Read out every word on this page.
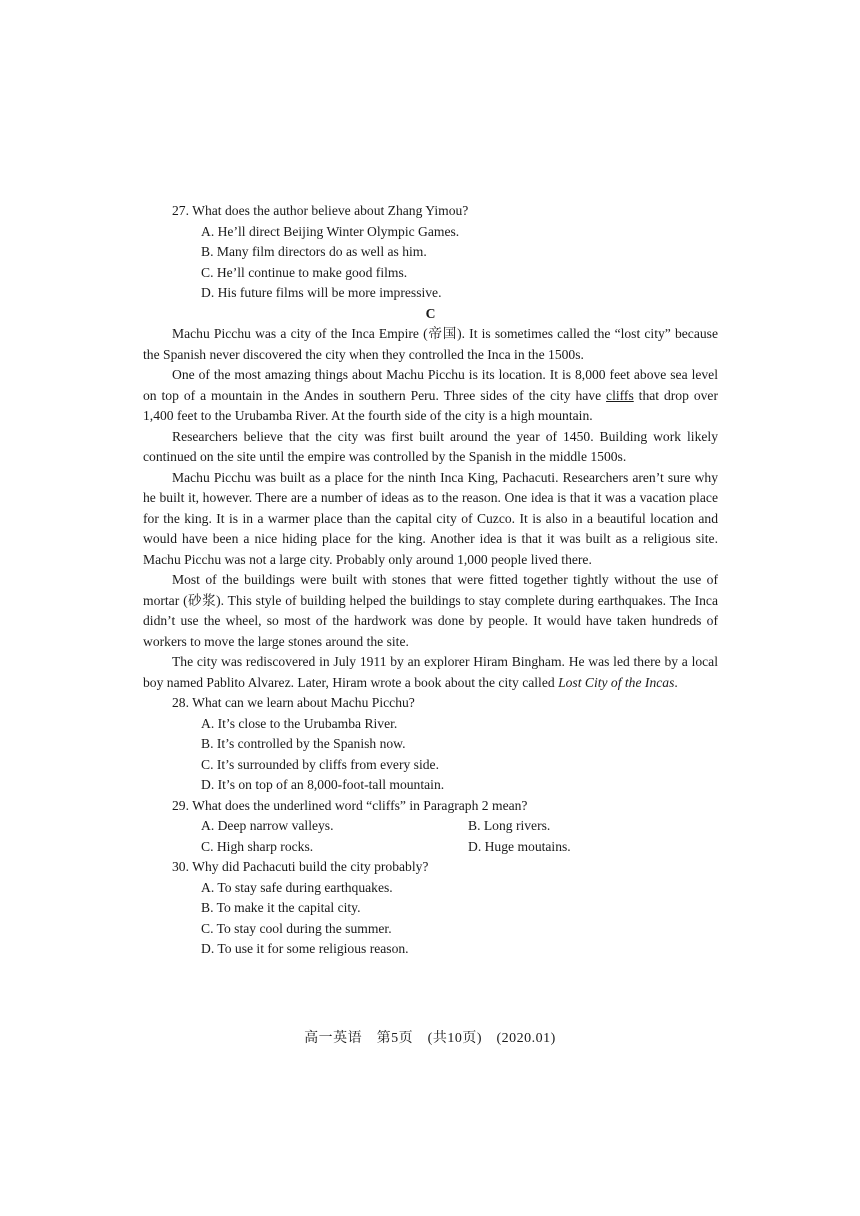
27. What does the author believe about Zhang Yimou?
A. He’ll direct Beijing Winter Olympic Games.
B. Many film directors do as well as him.
C. He’ll continue to make good films.
D. His future films will be more impressive.
C
Machu Picchu was a city of the Inca Empire (帝国). It is sometimes called the “lost city” because the Spanish never discovered the city when they controlled the Inca in the 1500s.
One of the most amazing things about Machu Picchu is its location. It is 8,000 feet above sea level on top of a mountain in the Andes in southern Peru. Three sides of the city have cliffs that drop over 1,400 feet to the Urubamba River. At the fourth side of the city is a high mountain.
Researchers believe that the city was first built around the year of 1450. Building work likely continued on the site until the empire was controlled by the Spanish in the middle 1500s.
Machu Picchu was built as a place for the ninth Inca King, Pachacuti. Researchers aren’t sure why he built it, however. There are a number of ideas as to the reason. One idea is that it was a vacation place for the king. It is in a warmer place than the capital city of Cuzco. It is also in a beautiful location and would have been a nice hiding place for the king. Another idea is that it was built as a religious site. Machu Picchu was not a large city. Probably only around 1,000 people lived there.
Most of the buildings were built with stones that were fitted together tightly without the use of mortar (砂浆). This style of building helped the buildings to stay complete during earthquakes. The Inca didn’t use the wheel, so most of the hardwork was done by people. It would have taken hundreds of workers to move the large stones around the site.
The city was rediscovered in July 1911 by an explorer Hiram Bingham. He was led there by a local boy named Pablito Alvarez. Later, Hiram wrote a book about the city called Lost City of the Incas.
28. What can we learn about Machu Picchu?
A. It’s close to the Urubamba River.
B. It’s controlled by the Spanish now.
C. It’s surrounded by cliffs from every side.
D. It’s on top of an 8,000-foot-tall mountain.
29. What does the underlined word “cliffs” in Paragraph 2 mean?
A. Deep narrow valleys.	B. Long rivers.
C. High sharp rocks.	D. Huge moutains.
30. Why did Pachacuti build the city probably?
A. To stay safe during earthquakes.
B. To make it the capital city.
C. To stay cool during the summer.
D. To use it for some religious reason.
高一英语　第5页　(共10页)　(2020.01)
